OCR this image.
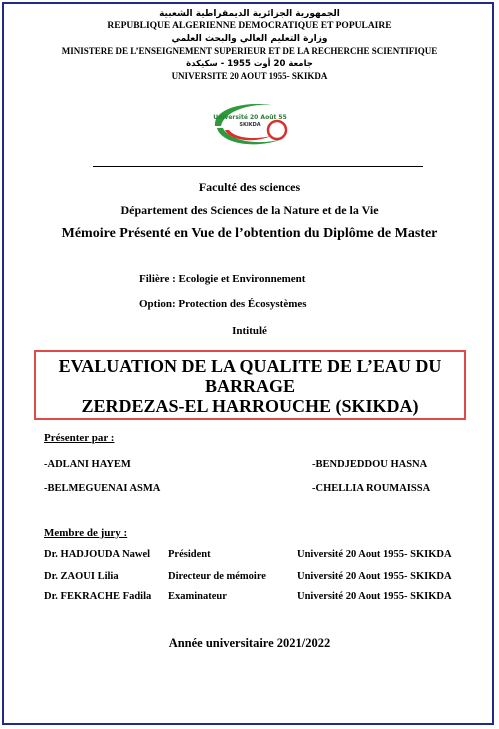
الجمهورية الجزائرية الديمقراطية الشعبية
REPUBLIQUE ALGERIENNE DEMOCRATIQUE ET POPULAIRE
وزارة التعليم العالي والبحث العلمي
MINISTERE DE L’ENSEIGNEMENT SUPERIEUR ET DE LA RECHERCHE SCIENTIFIQUE
جامعة 20 أوت 1955 - سكيكدة
UNIVERSITE 20 AOUT 1955- SKIKDA
Université 20 Août 55
SKIKDA
Faculté des sciences
Département des Sciences de la Nature et de la Vie
Mémoire Présenté en Vue de l’obtention du Diplôme de Master
Filière : Ecologie et Environnement
Option: Protection des Écosystèmes
Intitulé
EVALUATION DE LA QUALITE DE L’EAU DU
BARRAGE
ZERDEZAS-EL HARROUCHE (SKIKDA)
Présenter par :
-ADLANI HAYEM	-BENDJEDDOU HASNA
-BELMEGUENAI ASMA	-CHELLIA ROUMAISSA
Membre de jury :
Dr. HADJOUDA Nawel Président	Université 20 Aout 1955- SKIKDA
Dr. ZAOUI Lilia	Directeur de mémoire	Université 20 Aout 1955- SKIKDA
Dr. FEKRACHE Fadila Examinateur	Université 20 Aout 1955- SKIKDA
Année universitaire 2021/2022
